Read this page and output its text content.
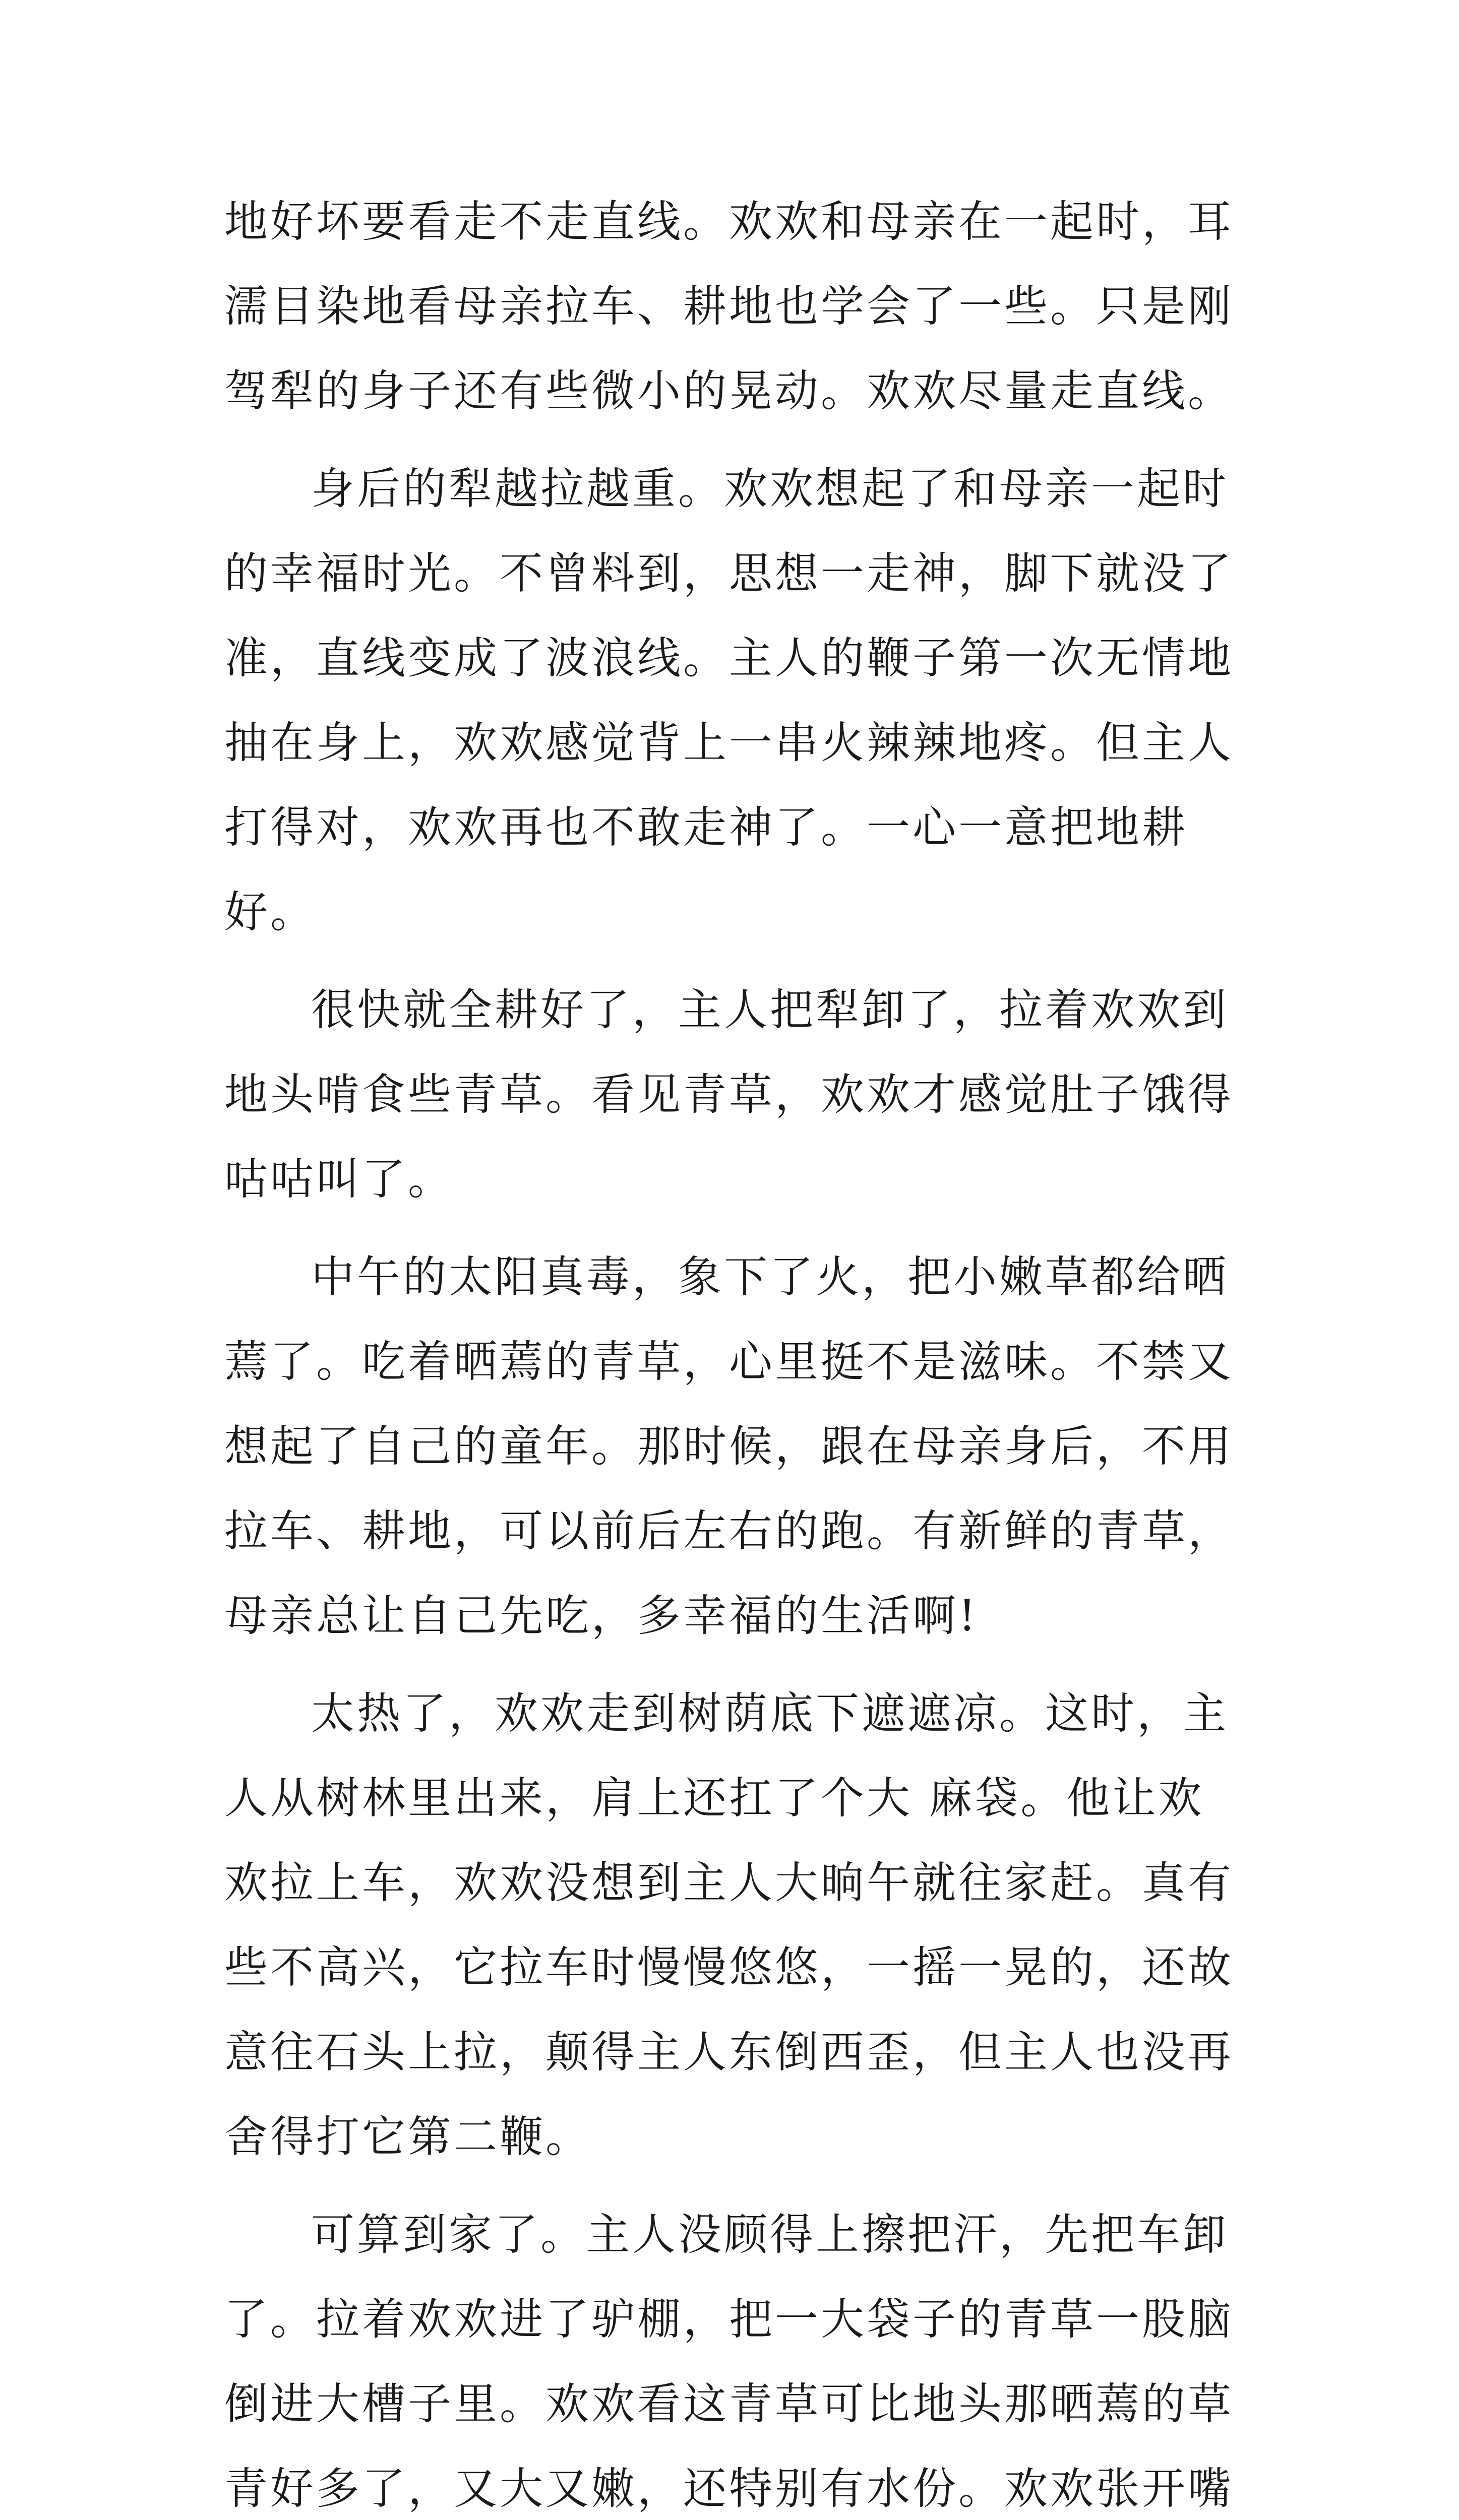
地好坏要看走不走直线。欢欢和母亲在一起时，耳濡目染地看母亲拉车、耕地也学会了一些。只是刚驾犁的身子还有些微小的晃动。欢欢尽量走直线。

身后的犁越拉越重。欢欢想起了和母亲一起时的幸福时光。不曾料到，思想一走神，脚下就没了准，直线变成了波浪线。主人的鞭子第一次无情地抽在身上，欢欢感觉背上一串火辣辣地疼。但主人打得对，欢欢再也不敢走神了。一心一意把地耕好。

很快就全耕好了，主人把犁卸了，拉着欢欢到地头啃食些青草。看见青草，欢欢才感觉肚子饿得咕咕叫了。

中午的太阳真毒，象下了火，把小嫩草都给晒蔫了。吃着晒蔫的青草，心里挺不是滋味。不禁又想起了自己的童年。那时候，跟在母亲身后，不用拉车、耕地，可以前后左右的跑。有新鲜的青草，母亲总让自己先吃，多幸福的生活啊!

太热了，欢欢走到树荫底下遮遮凉。这时，主人从树林里出来，肩上还扛了个大 麻袋。他让欢欢拉上车，欢欢没想到主人大晌午就往家赶。真有些不高兴，它拉车时慢慢悠悠，一摇一晃的，还故意往石头上拉，颠得主人东倒西歪，但主人也没再舍得打它第二鞭。

可算到家了。主人没顾得上擦把汗，先把车卸了。拉着欢欢进了驴棚，把一大袋子的青草一股脑倒进大槽子里。欢欢看这青草可比地头那晒蔫的草青好多了，又大又嫩，还特别有水份。欢欢张开嘴
